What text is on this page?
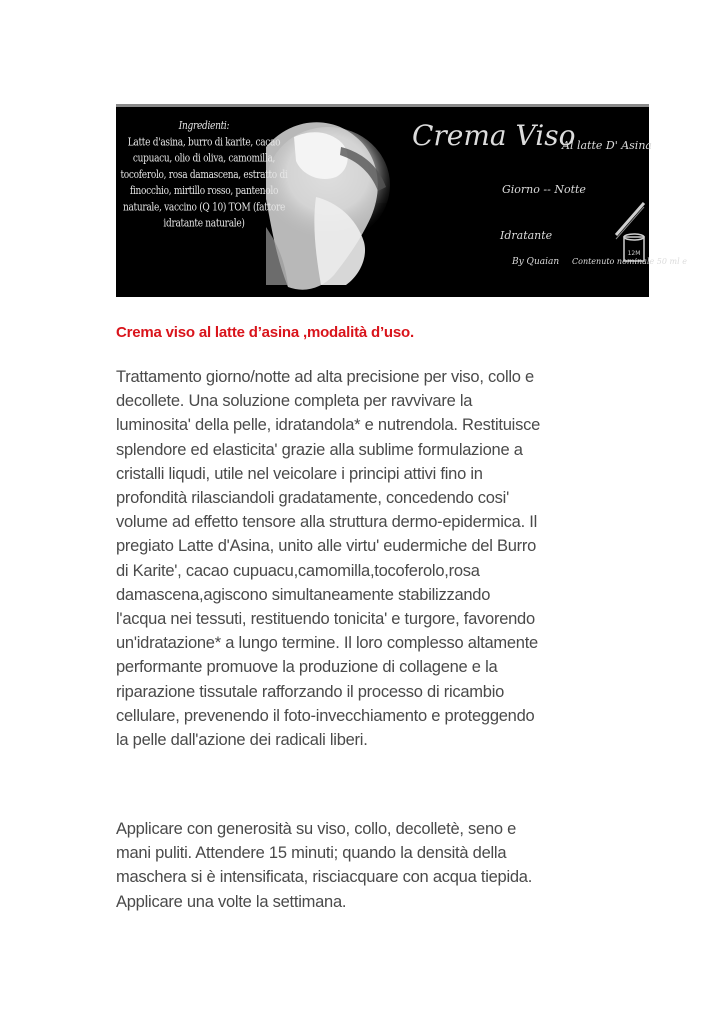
12M
Ingredienti:
Latte d'asina, burro di karite, cacao cupuacu, olio di oliva, camomilla, tocoferolo, rosa damascena, estratto di finocchio, mirtillo rosso, pantenolo naturale, vaccino (Q 10) TOM (fattore idratante naturale)
Crema Viso
Al latte D' Asina
Giorno -- Notte
Idratante
By Quaian Contenuto nominale 50 ml e
Crema viso al latte d’asina ,modalità d’uso.

Trattamento giorno/notte ad alta precisione per viso, collo e
decollete. Una soluzione completa per ravvivare la
luminosita' della pelle, idratandola* e nutrendola. Restituisce
splendore ed elasticita' grazie alla sublime formulazione a
cristalli liqudi, utile nel veicolare i principi attivi fino in
profondità rilasciandoli gradatamente, concedendo cosi'
volume ad effetto tensore alla struttura dermo-epidermica. Il
pregiato Latte d'Asina, unito alle virtu' eudermiche del Burro
di Karite', cacao cupuacu,camomilla,tocoferolo,rosa
damascena,agiscono simultaneamente stabilizzando
l'acqua nei tessuti, restituendo tonicita' e turgore, favorendo
un'idratazione* a lungo termine. Il loro complesso altamente
performante promuove la produzione di collagene e la
riparazione tissutale rafforzando il processo di ricambio
cellulare, prevenendo il foto-invecchiamento e proteggendo
la pelle dall'azione dei radicali liberi.

Applicare con generosità su viso, collo, decolletè, seno e
mani puliti. Attendere 15 minuti; quando la densità della
maschera si è intensificata, risciacquare con acqua tiepida.
Applicare una volte la settimana.
